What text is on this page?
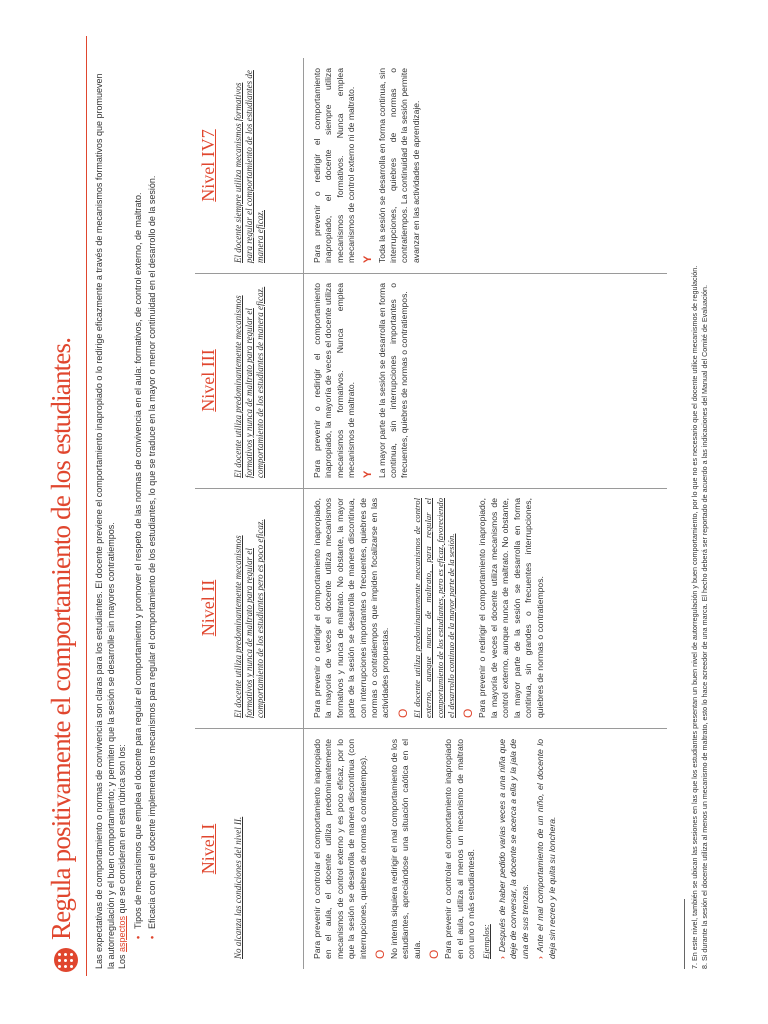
Regula positivamente el comportamiento de los estudiantes. Las expectativas de comportamiento o normas de convivencia son claras para los estudiantes. El docente previene el comportamiento inapropiado o lo redirige eficazmente a través de mecanismos formativos que promueven la autorregulación y el buen comportamiento; y permiten que la sesión se desarrolle sin mayores contratiempos. Los aspectos que se consideran en esta rúbrica son los:

•
Tipos de mecanismos que emplea el docente para regular el comportamiento y promover el respeto de las normas de convivencia en el aula: formativos, de control externo, de maltrato.
•
Eficacia con que el docente implementa los mecanismos para regular el comportamiento de los estudiantes, lo que se traduce en la mayor o menor continuidad en el desarrollo de la sesión. Nivel I	No alcanza las condiciones del nivel II.	Para prevenir o controlar el comportamiento inapropiado en el aula, el docente utiliza predominantemente mecanismos de control externo y es poco eficaz, por lo que la sesión se desarrolla de manera discontinua (con interrupciones, quiebres de normas o contratiempos). O No intenta siquiera redirigir el mal comportamiento de los estudiantes, apreciándose una situación caótica en el aula. O Para prevenir o controlar el comportamiento inapropiado en el aula, utiliza al menos un mecanismo de maltrato con uno o más estudiantes8. Ejemplos: ›Después de haber pedido varias veces a una niña que deje de conversar, la docente se acerca a ella y la jala de una de sus trenzas. ›Ante el mal comportamiento de un niño, el docente lo deja sin recreo y le quita su lonchera.

Nivel II	El docente utiliza predominantemente mecanismos formativos y nunca de maltrato para regular el comportamiento de los estudiantes pero es poco eficaz.	Para prevenir o redirigir el comportamiento inapropiado, la mayoría de veces el docente utiliza mecanismos formativos y nunca de maltrato. No obstante, la mayor parte de la sesión se desarrolla de manera discontinua, con interrupciones importantes o frecuentes, quiebres de normas o contratiempos que impiden focalizarse en las actividades propuestas. O El docente utiliza predominantemente mecanismos de control externo, aunque nunca de maltrato, para regular el comportamiento de los estudiantes, pero es eficaz, favoreciendo el desarrollo continuo de la mayor parte de la sesión. O Para prevenir o redirigir el comportamiento inapropiado, la mayoría de veces el docente utiliza mecanismos de control externo, aunque nunca de maltrato. No obstante, la mayor parte de la sesión se desarrolla en forma continua, sin grandes o frecuentes interrupciones, quiebres de normas o contratiempos.

Nivel III	El docente utiliza predominantemente mecanismos formativos y nunca de maltrato para regular el comportamiento de los estudiantes de manera eficaz.	Para prevenir o redirigir el comportamiento inapropiado, la mayoría de veces el docente utiliza mecanismos formativos. Nunca emplea mecanismos de maltrato. Y La mayor parte de la sesión se desarrolla en forma continua, sin interrupciones importantes o frecuentes, quiebres de normas o contratiempos.

Nivel IV7	El docente siempre utiliza mecanismos formativos para regular el comportamiento de los estudiantes de manera eficaz.	Para prevenir o redirigir el comportamiento inapropiado, el docente siempre utiliza mecanismos formativos. Nunca emplea mecanismos de control externo ni de maltrato. Y Toda la sesión se desarrolla en forma continua, sin interrupciones, quiebres de normas o contratiempos. La continuidad de la sesión permite avanzar en las actividades de aprendizaje.

7. En este nivel, también se ubican las sesiones en las que los estudiantes presentan un buen nivel de autorregulación y buen comportamiento, por lo que no es necesario que el docente utilice mecanismos de regulación. 8. Si durante la sesión el docente utiliza al menos un mecanismo de maltrato, esto lo hace acreedor de una marca. El hecho deberá ser reportado de acuerdo a las indicaciones del Manual del Comité de Evaluación.
